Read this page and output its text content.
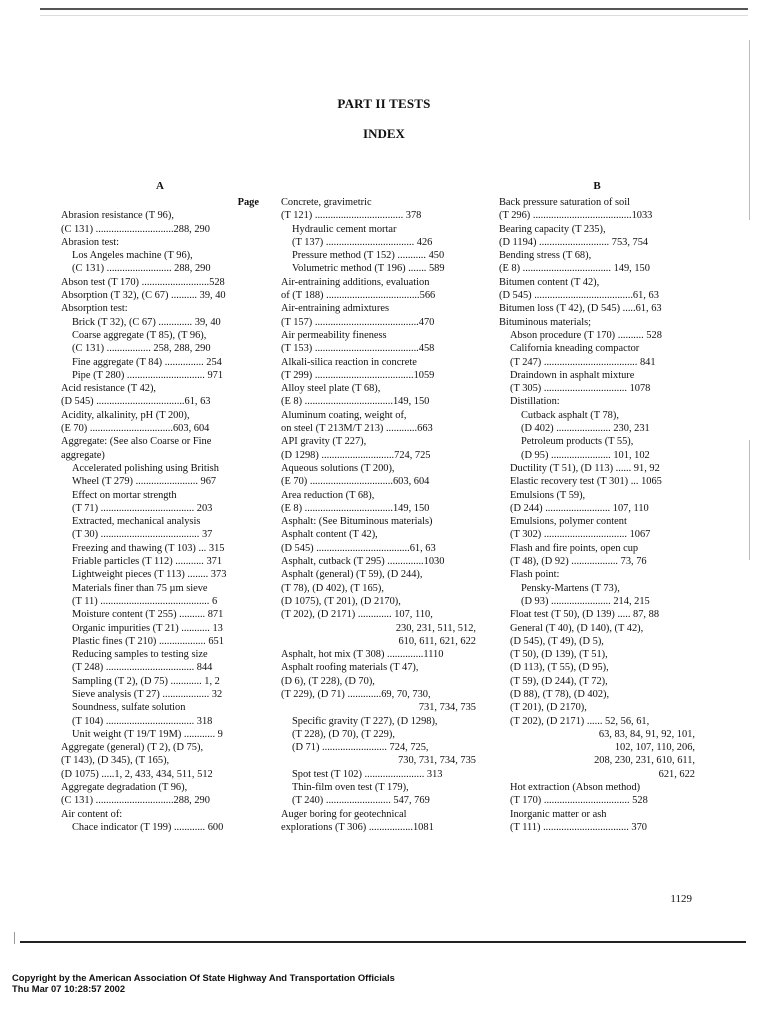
PART II TESTS

INDEX

A
Page
Abrasion resistance (T 96),
(C 131) ..............................288, 290
Abrasion test:
Los Angeles machine (T 96),
(C 131) ......................... 288, 290
Abson test (T 170) ..........................528
Absorption (T 32), (C 67) .......... 39, 40
Absorption test:
Brick (T 32), (C 67) ............. 39, 40
Coarse aggregate (T 85), (T 96),
(C 131) ................. 258, 288, 290
Fine aggregate (T 84) ............... 254
Pipe (T 280) .............................. 971
Acid resistance (T 42),
(D 545) ..................................61, 63
Acidity, alkalinity, pH (T 200),
(E 70) ................................603, 604
Aggregate: (See also Coarse or Fine
aggregate)
Accelerated polishing using British
Wheel (T 279) ........................ 967
Effect on mortar strength
(T 71) .................................... 203
Extracted, mechanical analysis
(T 30) ...................................... 37
Freezing and thawing (T 103) ... 315
Friable particles (T 112) ........... 371
Lightweight pieces (T 113) ........ 373
Materials finer than 75 µm sieve
(T 11) .......................................... 6
Moisture content (T 255) .......... 871
Organic impurities (T 21) ........... 13
Plastic fines (T 210) .................. 651
Reducing samples to testing size
(T 248) .................................. 844
Sampling (T 2), (D 75) ............ 1, 2
Sieve analysis (T 27) .................. 32
Soundness, sulfate solution
(T 104) .................................. 318
Unit weight (T 19/T 19M) ............ 9
Aggregate (general) (T 2), (D 75),
(T 143), (D 345), (T 165),
(D 1075) .....1, 2, 433, 434, 511, 512
Aggregate degradation (T 96),
(C 131) ..............................288, 290
Air content of:
Chace indicator (T 199) ............ 600
Concrete, gravimetric
(T 121) .................................. 378
Hydraulic cement mortar
(T 137) .................................. 426
Pressure method (T 152) ........... 450
Volumetric method (T 196) ....... 589
Air-entraining additions, evaluation
of (T 188) ....................................566
Air-entraining admixtures
(T 157) ........................................470
Air permeability fineness
(T 153) ........................................458
Alkali-silica reaction in concrete
(T 299) ......................................1059
Alloy steel plate (T 68),
(E 8) ..................................149, 150
Aluminum coating, weight of,
on steel (T 213M/T 213) ............663
API gravity (T 227),
(D 1298) ............................724, 725
Aqueous solutions (T 200),
(E 70) ................................603, 604
Area reduction (T 68),
(E 8) ..................................149, 150
Asphalt: (See Bituminous materials)
Asphalt content (T 42),
(D 545) ....................................61, 63
Asphalt, cutback (T 295) ..............1030
Asphalt (general) (T 59), (D 244),
(T 78), (D 402), (T 165),
(D 1075), (T 201), (D 2170),
(T 202), (D 2171) ............. 107, 110,
230, 231, 511, 512,
610, 611, 621, 622
Asphalt, hot mix (T 308) ..............1110
Asphalt roofing materials (T 47),
(D 6), (T 228), (D 70),
(T 229), (D 71) .............69, 70, 730,
731, 734, 735
Specific gravity (T 227), (D 1298),
(T 228), (D 70), (T 229),
(D 71) ......................... 724, 725,
730, 731, 734, 735
Spot test (T 102) ....................... 313
Thin-film oven test (T 179),
(T 240) ......................... 547, 769
Auger boring for geotechnical
explorations (T 306) .................1081
B
Back pressure saturation of soil
(T 296) ......................................1033
Bearing capacity (T 235),
(D 1194) ........................... 753, 754
Bending stress (T 68),
(E 8) .................................. 149, 150
Bitumen content (T 42),
(D 545) ......................................61, 63
Bitumen loss (T 42), (D 545) .....61, 63
Bituminous materials;
Abson procedure (T 170) .......... 528
California kneading compactor
(T 247) .................................... 841
Draindown in asphalt mixture
(T 305) ................................ 1078
Distillation:
Cutback asphalt (T 78),
(D 402) ..................... 230, 231
Petroleum products (T 55),
(D 95) ....................... 101, 102
Ductility (T 51), (D 113) ...... 91, 92
Elastic recovery test (T 301) ... 1065
Emulsions (T 59),
(D 244) ......................... 107, 110
Emulsions, polymer content
(T 302) ................................ 1067
Flash and fire points, open cup
(T 48), (D 92) .................. 73, 76
Flash point:
Pensky-Martens (T 73),
(D 93) ....................... 214, 215
Float test (T 50), (D 139) ..... 87, 88
General (T 40), (D 140), (T 42),
(D 545), (T 49), (D 5),
(T 50), (D 139), (T 51),
(D 113), (T 55), (D 95),
(T 59), (D 244), (T 72),
(D 88), (T 78), (D 402),
(T 201), (D 2170),
(T 202), (D 2171) ...... 52, 56, 61,
63, 83, 84, 91, 92, 101,
102, 107, 110, 206,
208, 230, 231, 610, 611,
621, 622
Hot extraction (Abson method)
(T 170) ................................. 528
Inorganic matter or ash
(T 111) ................................. 370
1129
Copyright by the American Association Of State Highway And Transportation Officials
Thu Mar 07 10:28:57 2002
